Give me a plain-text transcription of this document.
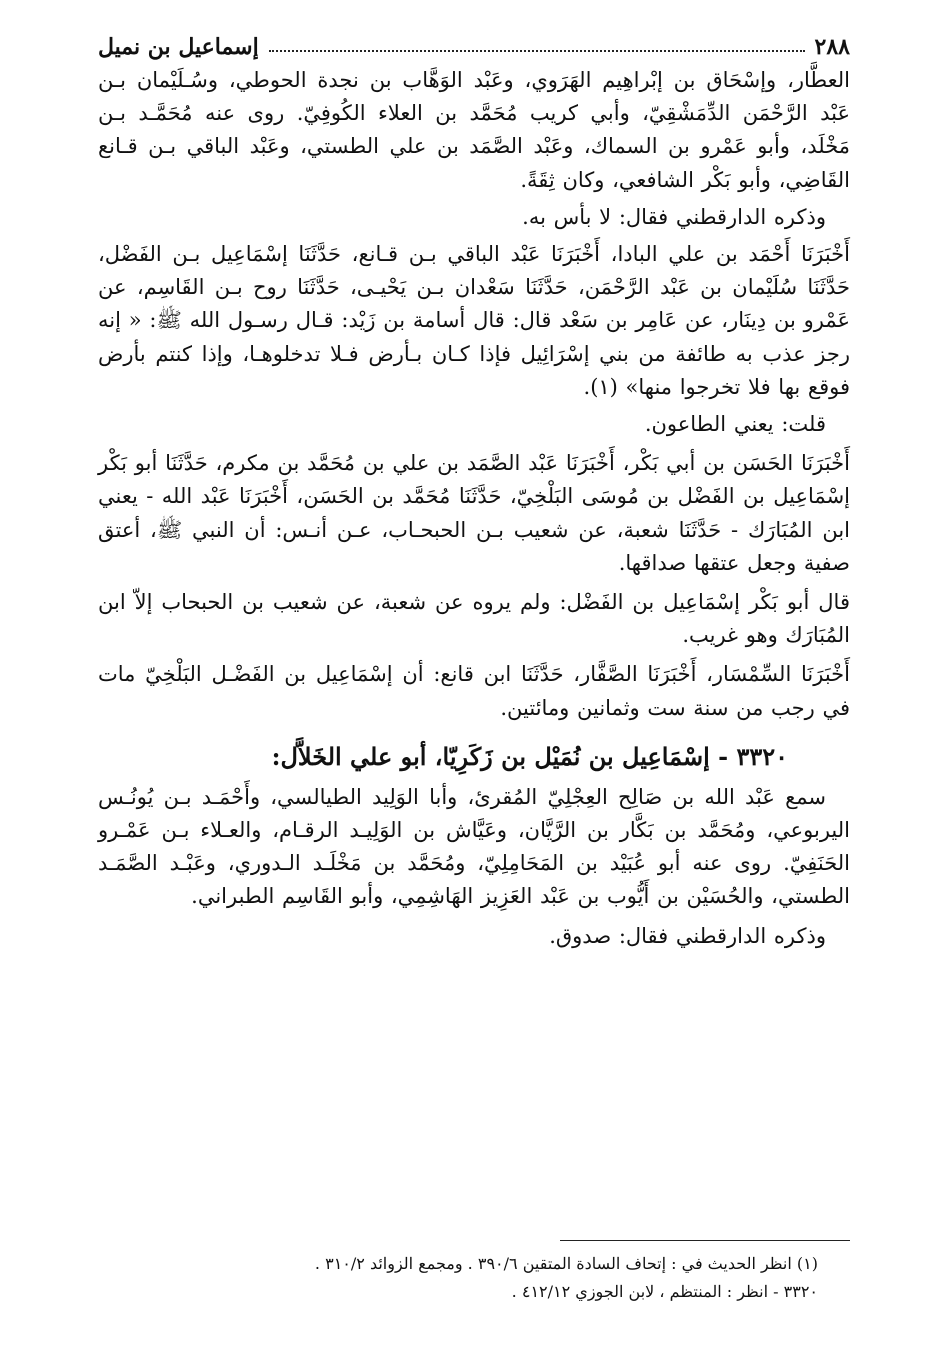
٢٨٨
إسماعيل بن نميل

العطَّار، وإسْحَاق بن إبْراهِيم الهَرَوي، وعَبْد الوَهَّاب بن نجدة الحوطي، وسُـلَيْمان بـن عَبْد الرَّحْمَن الدِّمَشْقِيّ، وأبي كريب مُحَمَّد بن العلاء الكُوفِيّ. روى عنه مُحَمَّـد بـن مَخْلَد، وأبو عَمْرو بن السماك، وعَبْد الصَّمَد بن علي الطستي، وعَبْد الباقي بـن قـانع القَاضِي، وأبو بَكْر الشافعي، وكان ثِقَةً.

وذكره الدارقطني فقال: لا بأس به.

أَخْبَرَنَا أَحْمَد بن علي البادا، أَخْبَرَنَا عَبْد الباقي بـن قـانع، حَدَّثَنَا إسْمَاعِيل بـن الفَضْل، حَدَّثَنَا سُلَيْمان بن عَبْد الرَّحْمَن، حَدَّثَنَا سَعْدان بـن يَحْيـى، حَدَّثَنَا روح بـن القَاسِم، عن عَمْرو بن دِينَار، عن عَامِر بن سَعْد قال: قال أسامة بن زَيْد: قـال رسـول الله ﷺ: « إنه رجز عذب به طائفة من بني إسْرَائِيل فإذا كـان بـأرض فـلا تدخلوهـا، وإذا كنتم بأرض فوقع بها فلا تخرجوا منها» (١).

قلت: يعني الطاعون.

أَخْبَرَنَا الحَسَن بن أبي بَكْر، أَخْبَرَنَا عَبْد الصَّمَد بن علي بن مُحَمَّد بن مكرم، حَدَّثَنَا أبو بَكْر إسْمَاعِيل بن الفَضْل بن مُوسَى البَلْخِيّ، حَدَّثَنَا مُحَمَّد بن الحَسَن، أَخْبَرَنَا عَبْد الله - يعني ابن المُبَارَك - حَدَّثَنَا شعبة، عن شعيب بـن الحبحـاب، عـن أنـس: أن النبي ﷺ، أعتق صفية وجعل عتقها صداقها.

قال أبو بَكْر إسْمَاعِيل بن الفَضْل: ولم يروه عن شعبة، عن شعيب بن الحبحاب إلاّ ابن المُبَارَك وهو غريب.

أَخْبَرَنَا السِّمْسَار، أَخْبَرَنَا الصَّفَّار، حَدَّثَنَا ابن قانع: أن إسْمَاعِيل بن الفَضْـل البَلْخِيّ مات في رجب من سنة ست وثمانين ومائتين.

٣٣٢٠ - إسْمَاعِيل بن نُمَيْل بن زَكَرِيّا، أبو علي الخَلاَّل:

سمع عَبْد الله بن صَالِح العِجْلِيّ المُقرئ، وأبا الوَلِيد الطيالسي، وأَحْمَـد بـن يُونُـس اليربوعي، ومُحَمَّد بن بَكَّار بن الرَّيَّان، وعَيَّاش بن الوَلِيـد الرقـام، والعـلاء بـن عَمْـرو الحَنَفِيّ. روى عنه أبو عُبَيْد بن المَحَامِلِيّ، ومُحَمَّد بن مَخْلَـد الـدوري، وعَبْـد الصَّمَـد الطستي، والحُسَيْن بن أَيُّوب بن عَبْد العَزِيز الهَاشِمِي، وأبو القَاسِم الطبراني.

وذكره الدارقطني فقال: صدوق.

(١) انظر الحديث في : إتحاف السادة المتقين ٣٩٠/٦ . ومجمع الزوائد ٣١٠/٢ .

٣٣٢٠ - انظر : المنتظم ، لابن الجوزي ٤١٢/١٢ .
